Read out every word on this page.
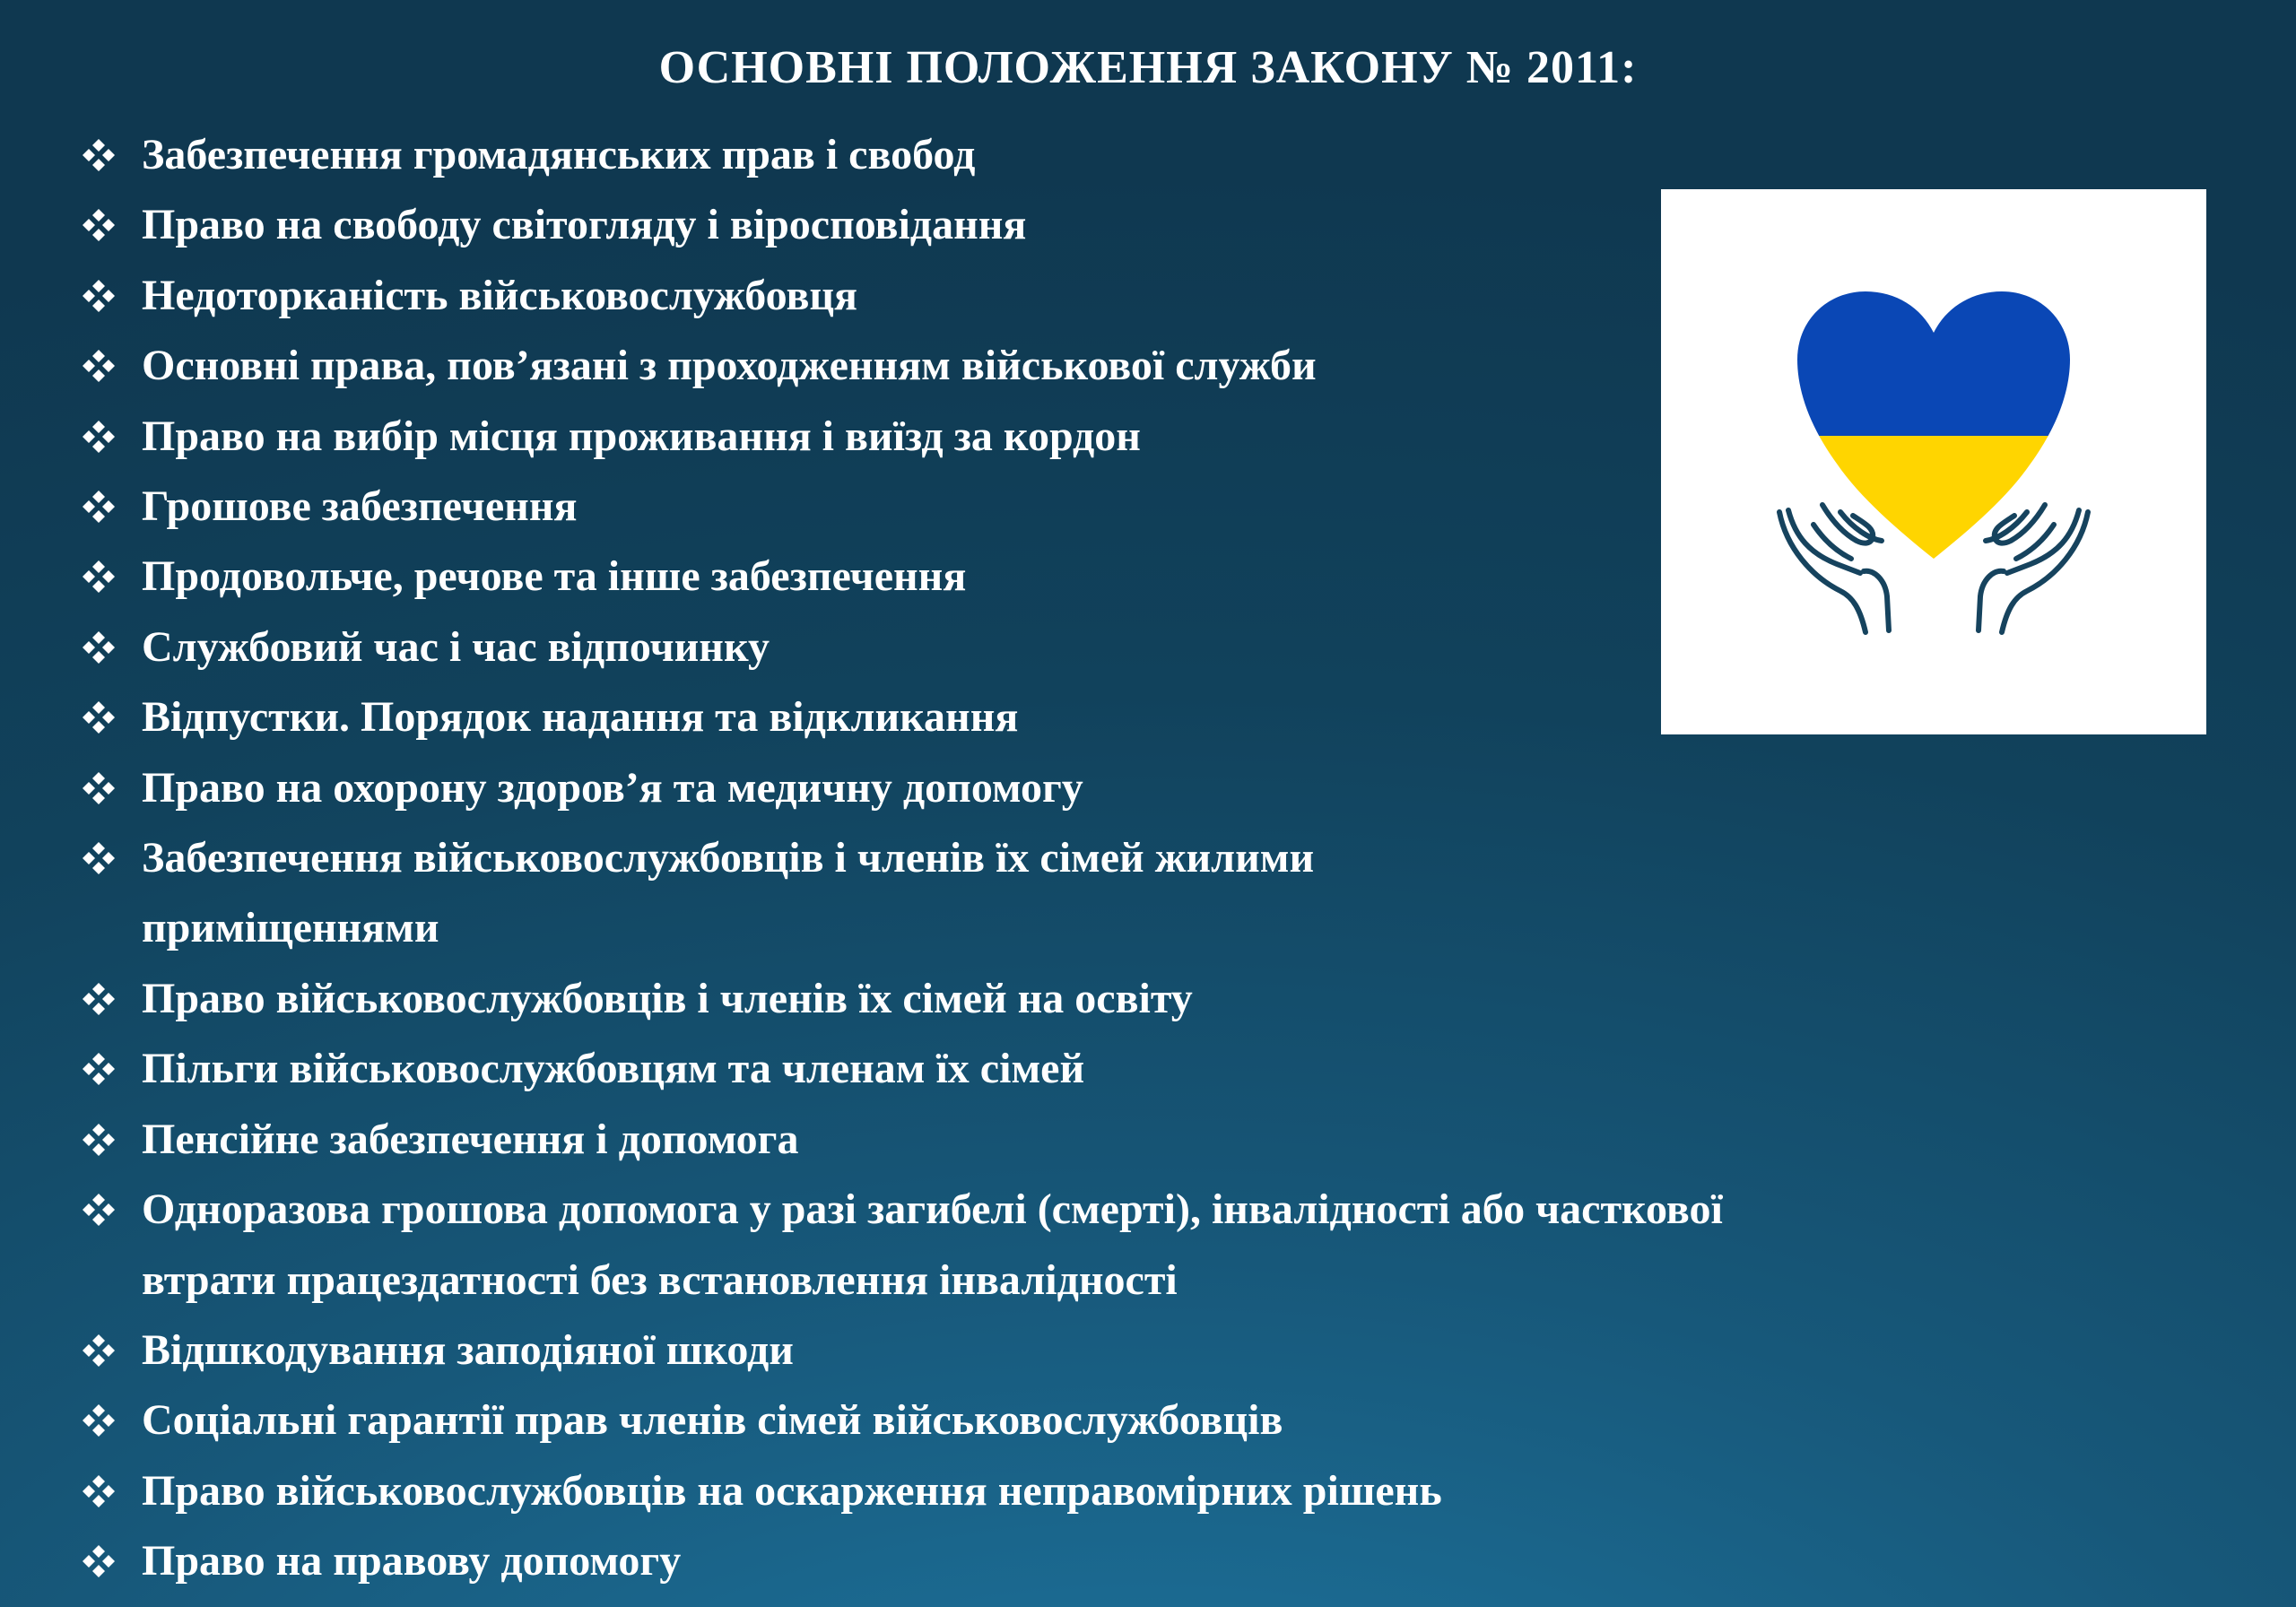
ОСНОВНІ ПОЛОЖЕННЯ ЗАКОНУ № 2011:
Забезпечення громадянських прав і свобод
Право на свободу світогляду і віросповідання
Недоторканість військовослужбовця
Основні права, пов’язані з проходженням військової служби
Право на вибір місця проживання і виїзд за кордон
Грошове забезпечення
Продовольче, речове та інше забезпечення
Службовий час і час відпочинку
Відпустки. Порядок надання та відкликання
Право на охорону здоров’я та медичну допомогу
Забезпечення військовослужбовців і членів їх сімей жилими приміщеннями
Право військовослужбовців і членів їх сімей на освіту
Пільги військовослужбовцям та членам їх сімей
Пенсійне забезпечення і допомога
Одноразова грошова допомога у разі загибелі (смерті), інвалідності або часткової втрати працездатності без встановлення інвалідності
Відшкодування заподіяної шкоди
Соціальні гарантії прав членів сімей військовослужбовців
Право військовослужбовців на оскарження неправомірних рішень
Право на правову допомогу
